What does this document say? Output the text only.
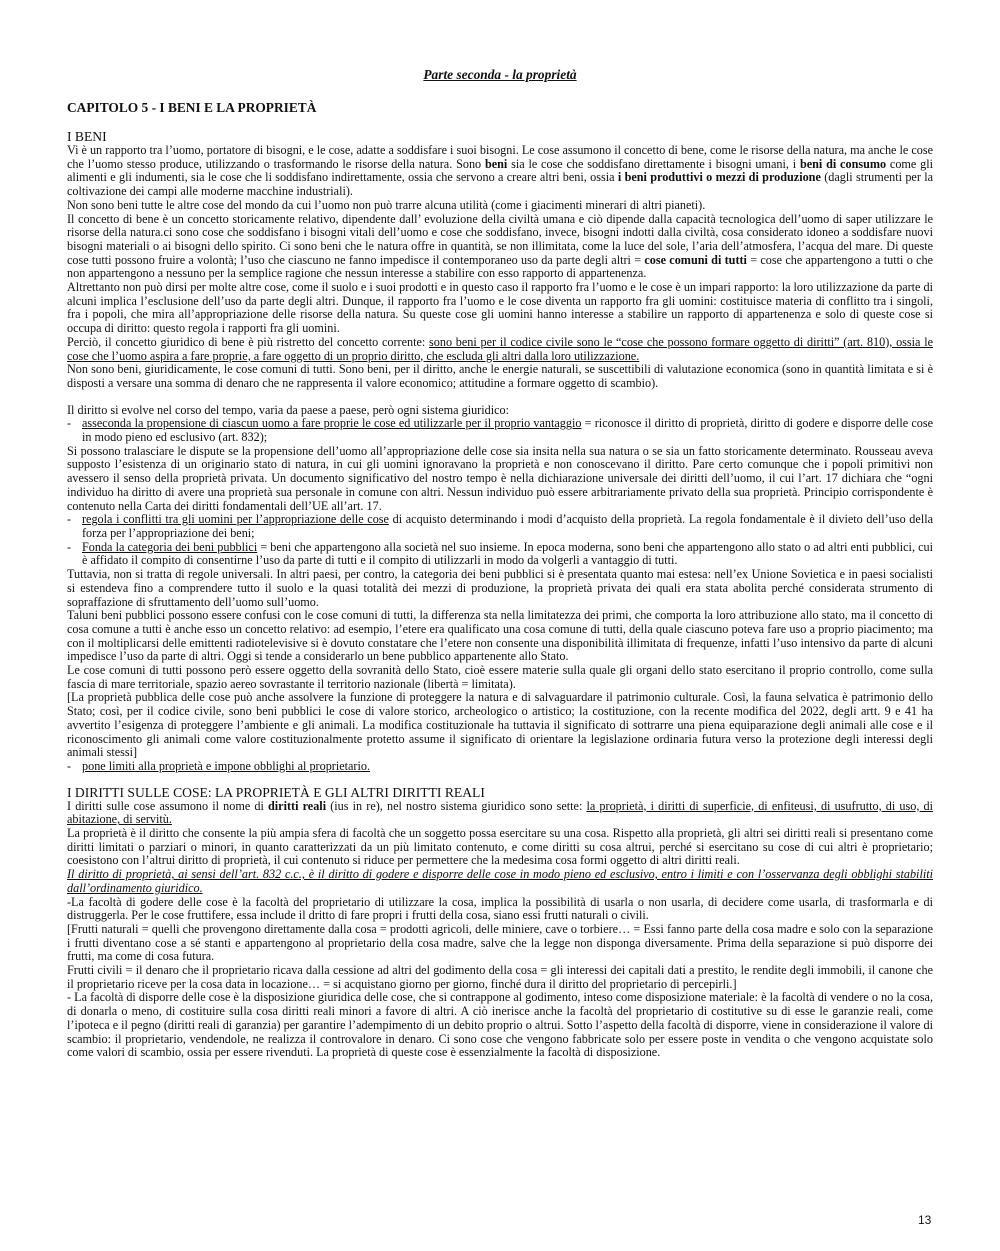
Parte seconda - la proprietà

CAPITOLO 5 - I BENI E LA PROPRIETÀ

I BENI

Vi è un rapporto tra l’uomo, portatore di bisogni, e le cose, adatte a soddisfare i suoi bisogni. Le cose assumono il concetto di bene, come le risorse della natura, ma anche le cose che l’uomo stesso produce, utilizzando o trasformando le risorse della natura. Sono beni sia le cose che soddisfano direttamente i bisogni umani, i beni di consumo come gli alimenti e gli indumenti, sia le cose che li soddisfano indirettamente, ossia che servono a creare altri beni, ossia i beni produttivi o mezzi di produzione (dagli strumenti per la coltivazione dei campi alle moderne macchine industriali).

Non sono beni tutte le altre cose del mondo da cui l’uomo non può trarre alcuna utilità (come i giacimenti minerari di altri pianeti).

Il concetto di bene è un concetto storicamente relativo, dipendente dall’ evoluzione della civiltà umana e ciò dipende dalla capacità tecnologica dell’uomo di saper utilizzare le risorse della natura.ci sono cose che soddisfano i bisogni vitali dell’uomo e cose che soddisfano, invece, bisogni indotti dalla civiltà, cosa considerato idoneo a soddisfare nuovi bisogni materiali o ai bisogni dello spirito. Ci sono beni che le natura offre in quantità, se non illimitata, come la luce del sole, l’aria dell’atmosfera, l’acqua del mare. Di queste cose tutti possono fruire a volontà; l’uso che ciascuno ne fanno impedisce il contemporaneo uso da parte degli altri = cose comuni di tutti = cose che appartengono a tutti o che non appartengono a nessuno per la semplice ragione che nessun interesse a stabilire con esso rapporto di appartenenza.

Altrettanto non può dirsi per molte altre cose, come il suolo e i suoi prodotti e in questo caso il rapporto fra l’uomo e le cose è un impari rapporto: la loro utilizzazione da parte di alcuni implica l’esclusione dell’uso da parte degli altri. Dunque, il rapporto fra l’uomo e le cose diventa un rapporto fra gli uomini: costituisce materia di conflitto tra i singoli, fra i popoli, che mira all’appropriazione delle risorse della natura. Su queste cose gli uomini hanno interesse a stabilire un rapporto di appartenenza e solo di queste cose si occupa di diritto: questo regola i rapporti fra gli uomini.

Perciò, il concetto giuridico di bene è più ristretto del concetto corrente: sono beni per il codice civile sono le “cose che possono formare oggetto di diritti” (art. 810), ossia le cose che l’uomo aspira a fare proprie, a fare oggetto di un proprio diritto, che escluda gli altri dalla loro utilizzazione.

Non sono beni, giuridicamente, le cose comuni di tutti. Sono beni, per il diritto, anche le energie naturali, se suscettibili di valutazione economica (sono in quantità limitata e si è disposti a versare una somma di denaro che ne rappresenta il valore economico; attitudine a formare oggetto di scambio).

Il diritto si evolve nel corso del tempo, varia da paese a paese, però ogni sistema giuridico:

- asseconda la propensione di ciascun uomo a fare proprie le cose ed utilizzarle per il proprio vantaggio = riconosce il diritto di proprietà, diritto di godere e disporre delle cose in modo pieno ed esclusivo (art. 832);

Si possono tralasciare le dispute se la propensione dell’uomo all’appropriazione delle cose sia insita nella sua natura o se sia un fatto storicamente determinato. Rousseau aveva supposto l’esistenza di un originario stato di natura, in cui gli uomini ignoravano la proprietà e non conoscevano il diritto. Pare certo comunque che i popoli primitivi non avessero il senso della proprietà privata. Un documento significativo del nostro tempo è nella dichiarazione universale dei diritti dell’uomo, il cui l’art. 17 dichiara che “ogni individuo ha diritto di avere una proprietà sua personale in comune con altri. Nessun individuo può essere arbitrariamente privato della sua proprietà. Principio corrispondente è contenuto nella Carta dei diritti fondamentali dell’UE all’art. 17.

- regola i conflitti tra gli uomini per l’appropriazione delle cose di acquisto determinando i modi d’acquisto della proprietà. La regola fondamentale è il divieto dell’uso della forza per l’appropriazione dei beni;
- Fonda la categoria dei beni pubblici = beni che appartengono alla società nel suo insieme. In epoca moderna, sono beni che appartengono allo stato o ad altri enti pubblici, cui è affidato il compito di consentirne l’uso da parte di tutti e il compito di utilizzarli in modo da volgerli a vantaggio di tutti.

Tuttavia, non si tratta di regole universali. In altri paesi, per contro, la categoria dei beni pubblici si è presentata quanto mai estesa: nell’ex Unione Sovietica e in paesi socialisti si estendeva fino a comprendere tutto il suolo e la quasi totalità dei mezzi di produzione, la proprietà privata dei quali era stata abolita perché considerata strumento di sopraffazione di sfruttamento dell’uomo sull’uomo.

Taluni beni pubblici possono essere confusi con le cose comuni di tutti, la differenza sta nella limitatezza dei primi, che comporta la loro attribuzione allo stato, ma il concetto di cosa comune a tutti è anche esso un concetto relativo: ad esempio, l’etere era qualificato una cosa comune di tutti, della quale ciascuno poteva fare uso a proprio piacimento; ma con il moltiplicarsi delle emittenti radiotelevisive si è dovuto constatare che l’etere non consente una disponibilità illimitata di frequenze, infatti l’uso intensivo da parte di alcuni impedisce l’uso da parte di altri. Oggi si tende a considerarlo un bene pubblico appartenente allo Stato.

Le cose comuni di tutti possono però essere oggetto della sovranità dello Stato, cioè essere materie sulla quale gli organi dello stato esercitano il proprio controllo, come sulla fascia di mare territoriale, spazio aereo sovrastante il territorio nazionale (libertà = limitata).

[La proprietà pubblica delle cose può anche assolvere la funzione di proteggere la natura e di salvaguardare il patrimonio culturale. Così, la fauna selvatica è patrimonio dello Stato; così, per il codice civile, sono beni pubblici le cose di valore storico, archeologico o artistico; la costituzione, con la recente modifica del 2022, degli artt. 9 e 41 ha avvertito l’esigenza di proteggere l’ambiente e gli animali. La modifica costituzionale ha tuttavia il significato di sottrarre una piena equiparazione degli animali alle cose e il riconoscimento gli animali come valore costituzionalmente protetto assume il significato di orientare la legislazione ordinaria futura verso la protezione degli interessi degli animali stessi]

- pone limiti alla proprietà e impone obblighi al proprietario.

I DIRITTI SULLE COSE: LA PROPRIETÀ E GLI ALTRI DIRITTI REALI

I diritti sulle cose assumono il nome di diritti reali (ius in re), nel nostro sistema giuridico sono sette: la proprietà, i diritti di superficie, di enfiteusi, di usufrutto, di uso, di abitazione, di servitù.

La proprietà è il diritto che consente la più ampia sfera di facoltà che un soggetto possa esercitare su una cosa. Rispetto alla proprietà, gli altri sei diritti reali si presentano come diritti limitati o parziari o minori, in quanto caratterizzati da un più limitato contenuto, e come diritti su cosa altrui, perché si esercitano su cose di cui altri è proprietario; coesistono con l’altrui diritto di proprietà, il cui contenuto si riduce per permettere che la medesima cosa formi oggetto di altri diritti reali.

Il diritto di proprietà, ai sensi dell’art. 832 c.c., è il diritto di godere e disporre delle cose in modo pieno ed esclusivo, entro i limiti e con l’osservanza degli obblighi stabiliti dall’ordinamento giuridico.

-La facoltà di godere delle cose è la facoltà del proprietario di utilizzare la cosa, implica la possibilità di usarla o non usarla, di decidere come usarla, di trasformarla e di distruggerla. Per le cose fruttifere, essa include il dritto di fare propri i frutti della cosa, siano essi frutti naturali o civili.

[Frutti naturali = quelli che provengono direttamente dalla cosa = prodotti agricoli, delle miniere, cave o torbiere… = Essi fanno parte della cosa madre e solo con la separazione i frutti diventano cose a sé stanti e appartengono al proprietario della cosa madre, salve che la legge non disponga diversamente. Prima della separazione si può disporre dei frutti, ma come di cosa futura.

Frutti civili = il denaro che il proprietario ricava dalla cessione ad altri del godimento della cosa = gli interessi dei capitali dati a prestito, le rendite degli immobili, il canone che il proprietario riceve per la cosa data in locazione… = si acquistano giorno per giorno, finché dura il diritto del proprietario di percepirli.]

- La facoltà di disporre delle cose è la disposizione giuridica delle cose, che si contrappone al godimento, inteso come disposizione materiale: è la facoltà di vendere o no la cosa, di donarla o meno, di costituire sulla cosa diritti reali minori a favore di altri. A ciò inerisce anche la facoltà del proprietario di costitutive su di esse le garanzie reali, come l’ipoteca e il pegno (diritti reali di garanzia) per garantire l’adempimento di un debito proprio o altrui. Sotto l’aspetto della facoltà di disporre, viene in considerazione il valore di scambio: il proprietario, vendendole, ne realizza il controvalore in denaro. Ci sono cose che vengono fabbricate solo per essere poste in vendita o che vengono acquistate solo come valori di scambio, ossia per essere rivenduti. La proprietà di queste cose è essenzialmente la facoltà di disposizione.

13
